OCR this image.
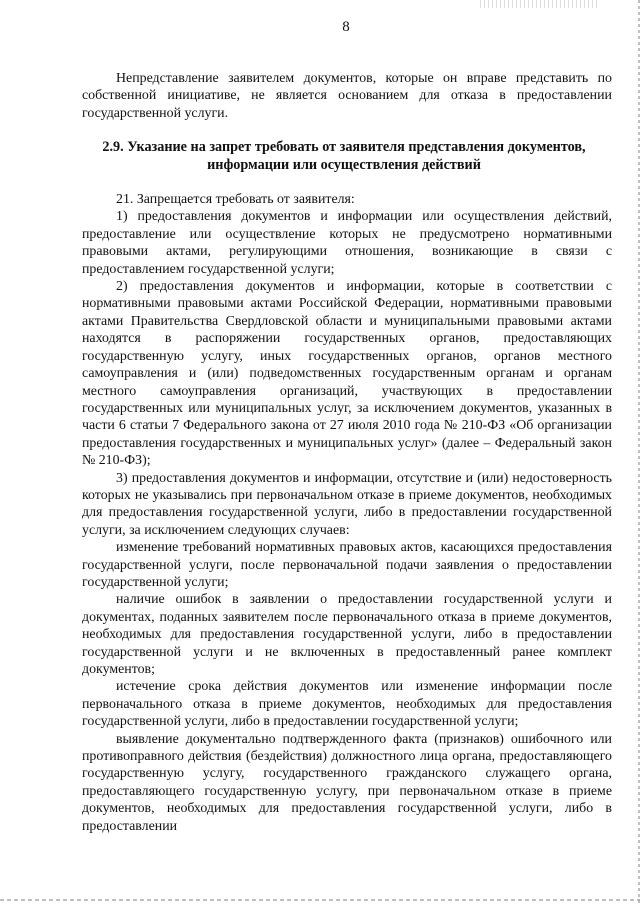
8

Непредставление заявителем документов, которые он вправе представить по собственной инициативе, не является основанием для отказа в предоставлении государственной услуги.

2.9. Указание на запрет требовать от заявителя представления документов, информации или осуществления действий

21. Запрещается требовать от заявителя:

1) предоставления документов и информации или осуществления действий, предоставление или осуществление которых не предусмотрено нормативными правовыми актами, регулирующими отношения, возникающие в связи с предоставлением государственной услуги;

2) предоставления документов и информации, которые в соответствии с нормативными правовыми актами Российской Федерации, нормативными правовыми актами Правительства Свердловской области и муниципальными правовыми актами находятся в распоряжении государственных органов, предоставляющих государственную услугу, иных государственных органов, органов местного самоуправления и (или) подведомственных государственным органам и органам местного самоуправления организаций, участвующих в предоставлении государственных или муниципальных услуг, за исключением документов, указанных в части 6 статьи 7 Федерального закона от 27 июля 2010 года № 210-ФЗ «Об организации предоставления государственных и муниципальных услуг» (далее – Федеральный закон № 210-ФЗ);

3) предоставления документов и информации, отсутствие и (или) недостоверность которых не указывались при первоначальном отказе в приеме документов, необходимых для предоставления государственной услуги, либо в предоставлении государственной услуги, за исключением следующих случаев:

изменение требований нормативных правовых актов, касающихся предоставления государственной услуги, после первоначальной подачи заявления о предоставлении государственной услуги;

наличие ошибок в заявлении о предоставлении государственной услуги и документах, поданных заявителем после первоначального отказа в приеме документов, необходимых для предоставления государственной услуги, либо в предоставлении государственной услуги и не включенных в предоставленный ранее комплект документов;

истечение срока действия документов или изменение информации после первоначального отказа в приеме документов, необходимых для предоставления государственной услуги, либо в предоставлении государственной услуги;

выявление документально подтвержденного факта (признаков) ошибочного или противоправного действия (бездействия) должностного лица органа, предоставляющего государственную услугу, государственного гражданского служащего органа, предоставляющего государственную услугу, при первоначальном отказе в приеме документов, необходимых для предоставления государственной услуги, либо в предоставлении
